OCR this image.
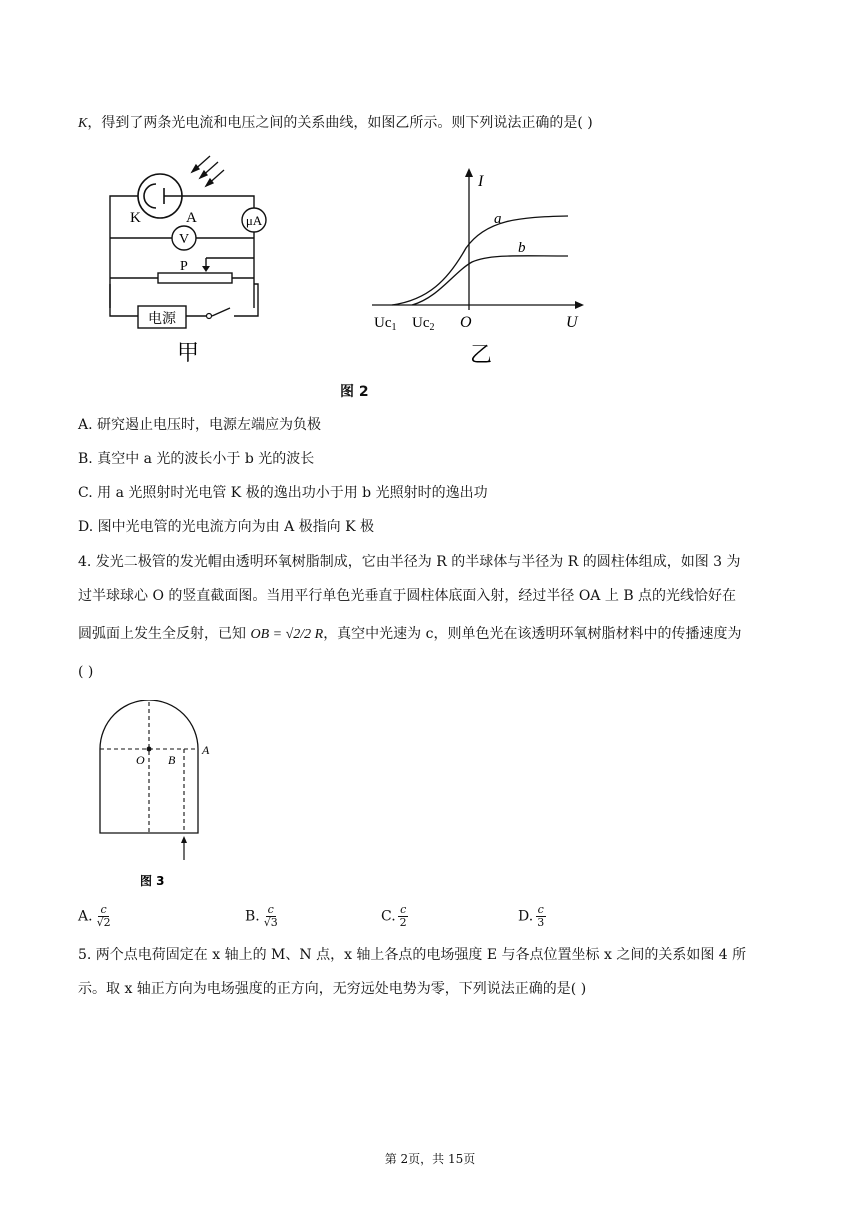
K，得到了两条光电流和电压之间的关系曲线，如图乙所示。则下列说法正确的是( )
μA
V
P
电源
K	A
甲
I
U
O
a
b
$Uc_1$ $Uc_2$
乙
图 2
A. 研究遏止电压时，电源左端应为负极
B. 真空中 a 光的波长小于 b 光的波长
C. 用 a 光照射时光电管 K 极的逸出功小于用 b 光照射时的逸出功
D. 图中光电管的光电流方向为由 A 极指向 K 极
4. 发光二极管的发光帽由透明环氧树脂制成，它由半径为 R 的半球体与半径为 R 的圆柱体组成，如图 3 为
过半球球心 O 的竖直截面图。当用平行单色光垂直于圆柱体底面入射，经过半径 OA 上 B 点的光线恰好在
圆弧面上发生全反射，已知 OB = √2/2 R，真空中光速为 c，则单色光在该透明环氧树脂材料中的传播速度为
( )
O B
A
图 3
A. $\frac{c}{√2}$	B. $\frac{c}{√3}$	C. $\frac{c}{2}$	D. $\frac{c}{3}$
5. 两个点电荷固定在 x 轴上的 M、N 点，x 轴上各点的电场强度 E 与各点位置坐标 x 之间的关系如图 4 所
示。取 x 轴正方向为电场强度的正方向，无穷远处电势为零，下列说法正确的是( )
第 2页，共 15页
